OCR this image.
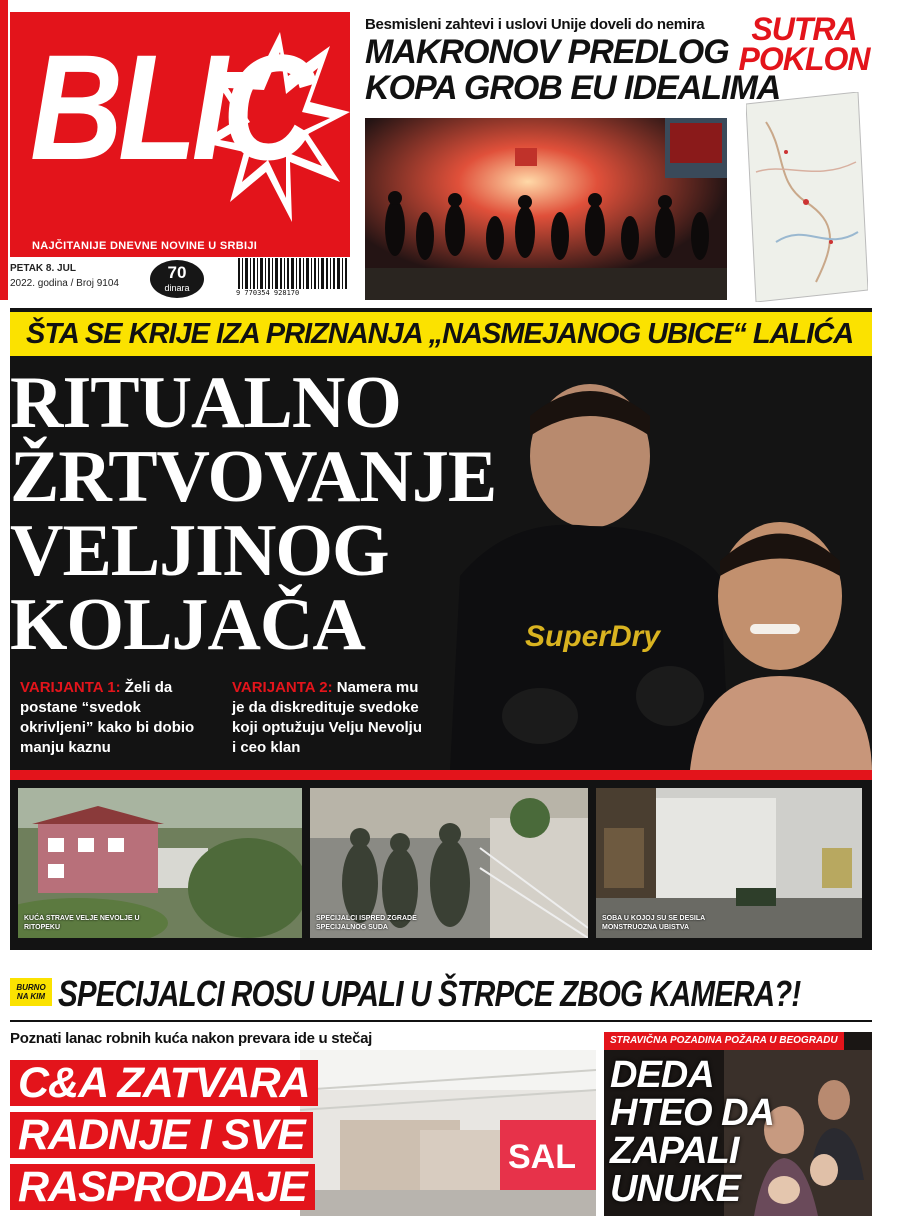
BLIC
NAJČITANIJE DNEVNE NOVINE U SRBIJI
PETAK 8. JUL
2022. godina / Broj 9104
70
dinara	9 770354 928170
Besmisleni zahtevi i uslovi Unije doveli do nemira
MAKRONOV PREDLOG
KOPA GROB EU IDEALIMA
SUTRA
POKLON
SuperDry
ŠTA SE KRIJE IZA PRIZNANJA „NASMEJANOG UBICE“ LALIĆA
RITUALNO
ŽRTVOVANJE
VELJINOG
KOLJAČA
VARIJANTA 1: Želi da postane “svedok okrivljeni” kako bi dobio manju kaznu
VARIJANTA 2: Namera mu je da diskredituje svedoke koji optužuju Velju Nevolju i ceo klan
KUĆA STRAVE VELJE NEVOLJE U RITOPEKU
SPECIJALCI ISPRED ZGRADE SPECIJALNOG SUDA
SOBA U KOJOJ SU SE DESILA MONSTRUOZNA UBISTVA
BURNO
NA KIM SPECIJALCI ROSU UPALI U ŠTRPCE ZBOG KAMERA?!
Poznati lanac robnih kuća nakon prevara ide u stečaj
SAL
C&A ZATVARA
RADNJE I SVE
RASPRODAJE
STRAVIČNA POZADINA POŽARA U BEOGRADU
DEDA
HTEO DA
ZAPALI
UNUKE
